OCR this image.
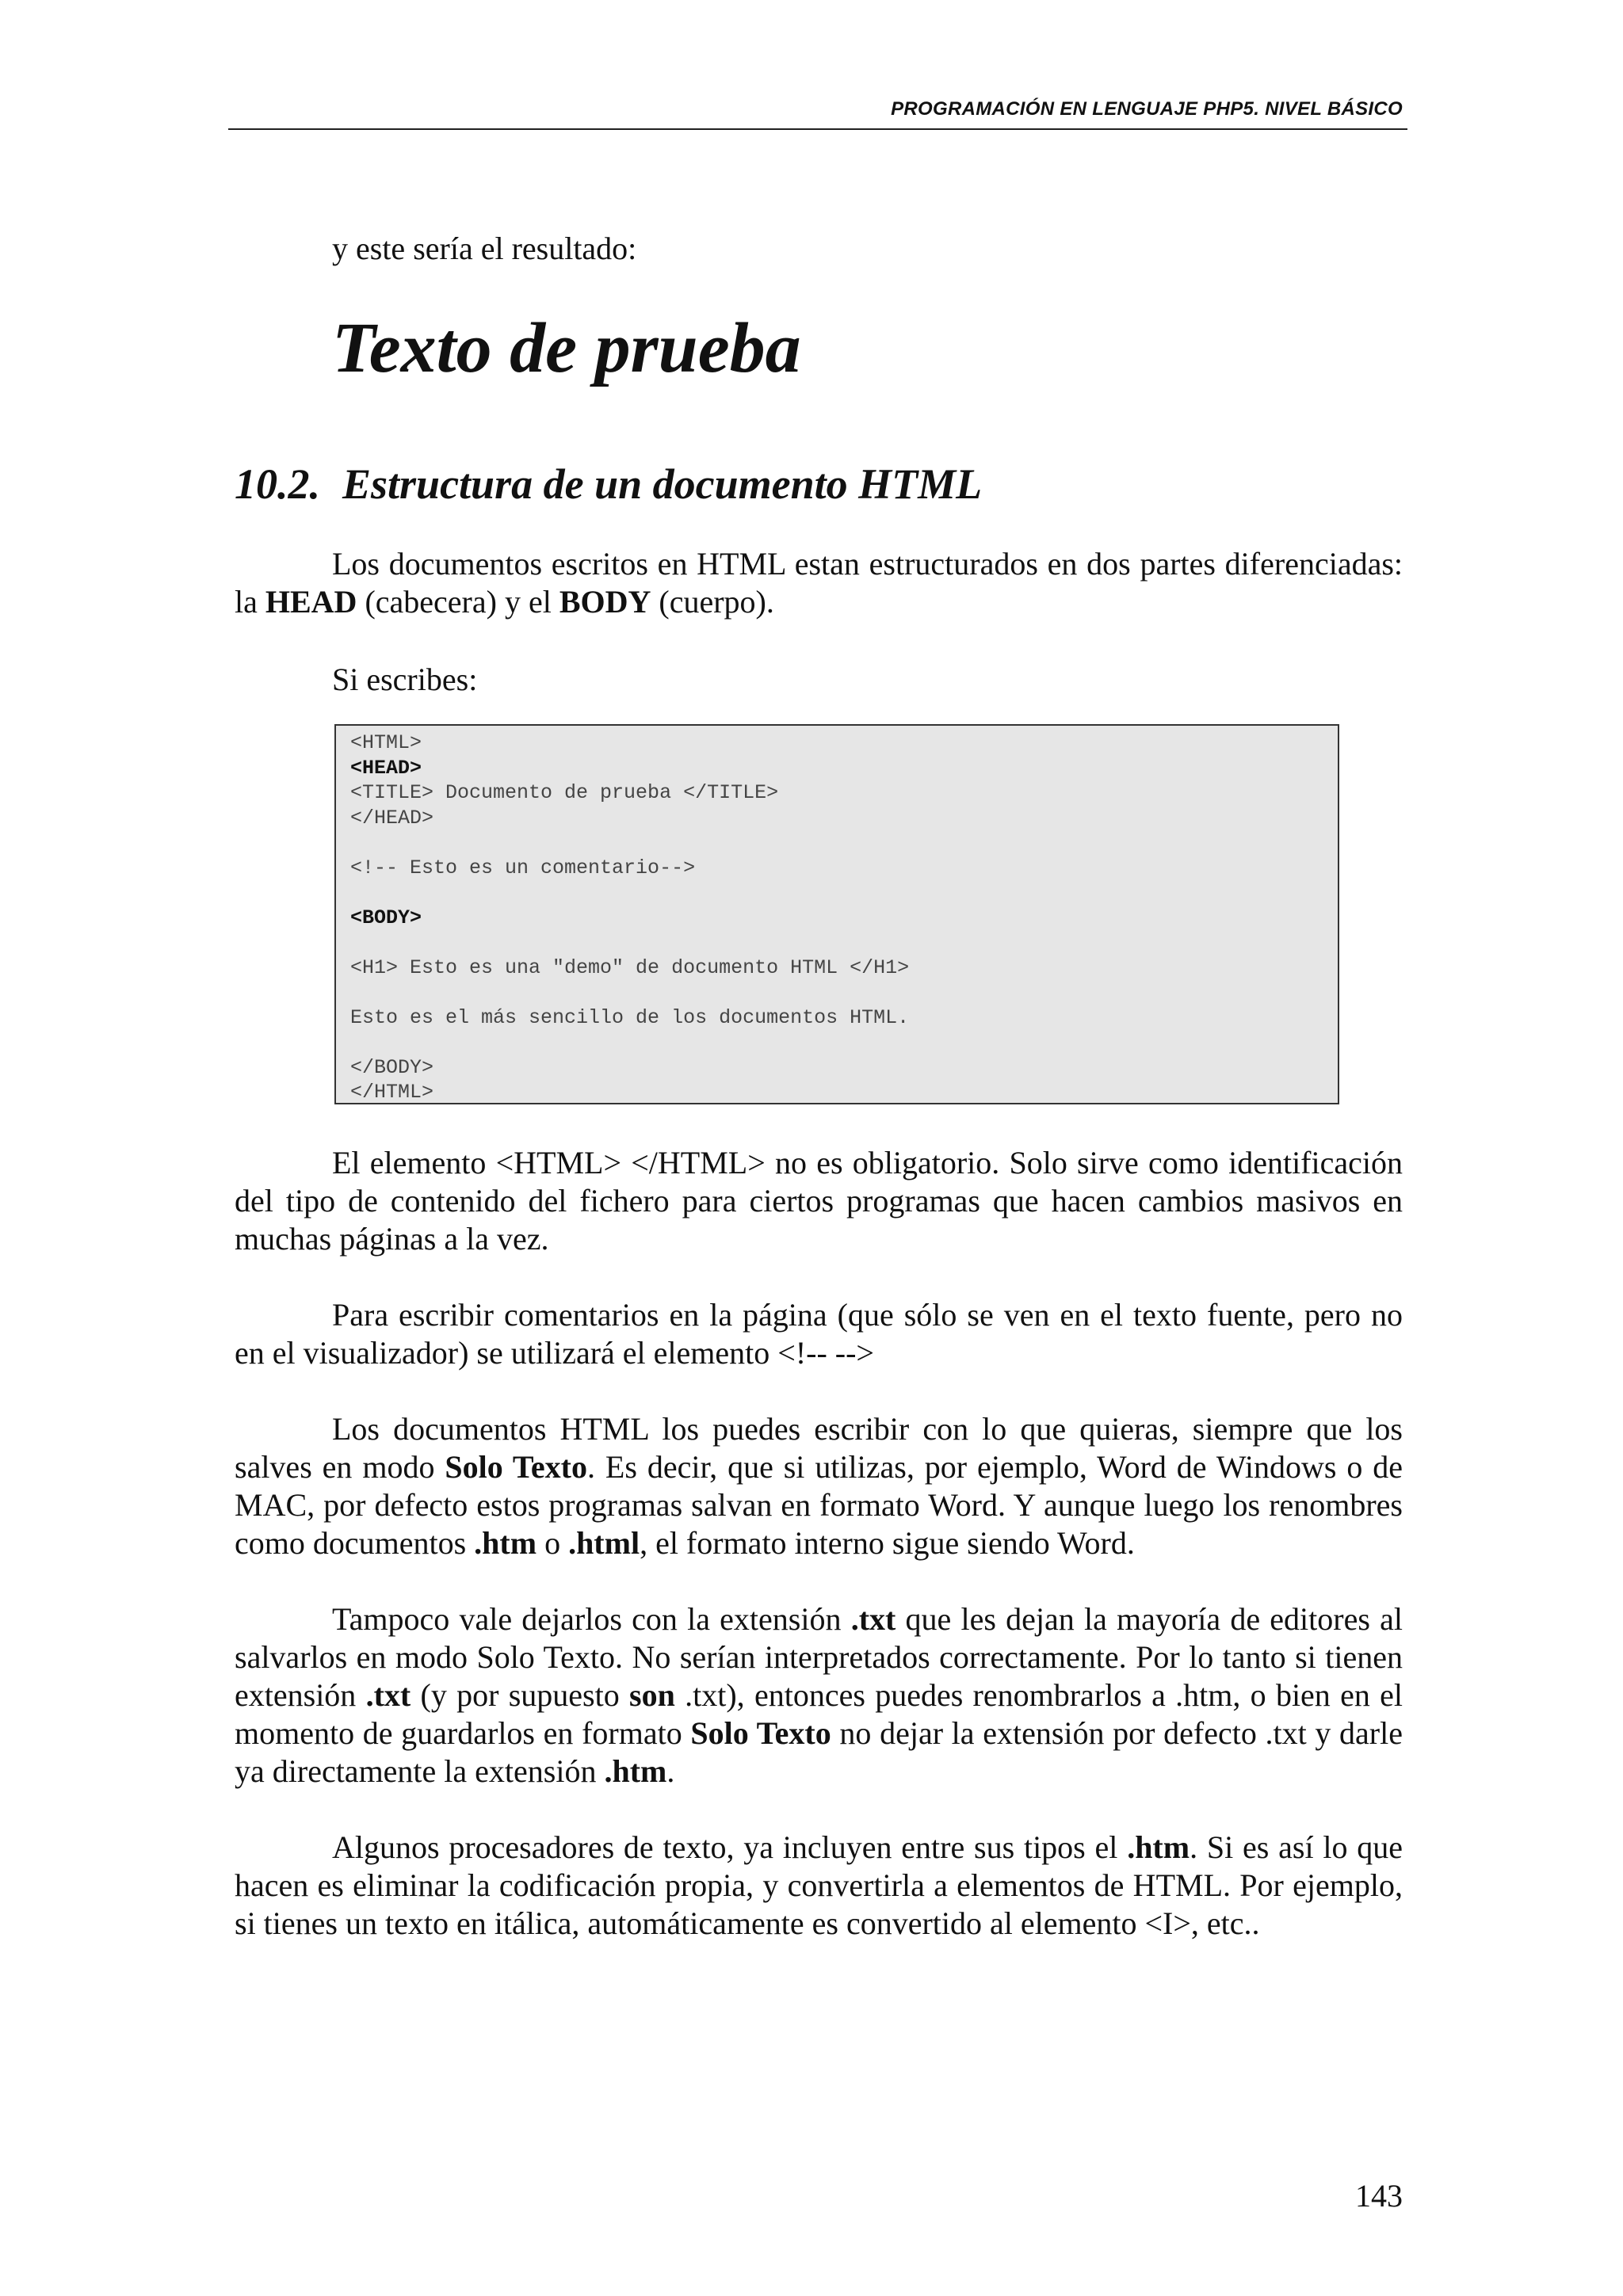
PROGRAMACIÓN EN LENGUAJE PHP5. NIVEL BÁSICO
y este sería el resultado:
Texto de prueba
10.2. Estructura de un documento HTML
Los documentos escritos en HTML estan estructurados en dos partes diferenciadas: la HEAD (cabecera) y el BODY (cuerpo).
Si escribes:
<HTML>
<HEAD>
<TITLE> Documento de prueba </TITLE>
</HEAD>
<!-- Esto es un comentario-->
<BODY>
<H1> Esto es una "demo" de documento HTML </H1>
Esto es el más sencillo de los documentos HTML.
</BODY>
</HTML>
El elemento <HTML> </HTML> no es obligatorio. Solo sirve como identificación del tipo de contenido del fichero para ciertos programas que hacen cambios masivos en muchas páginas a la vez.
Para escribir comentarios en la página (que sólo se ven en el texto fuente, pero no en el visualizador) se utilizará el elemento <!-- -->
Los documentos HTML los puedes escribir con lo que quieras, siempre que los salves en modo Solo Texto. Es decir, que si utilizas, por ejemplo, Word de Windows o de MAC, por defecto estos programas salvan en formato Word. Y aunque luego los renombres como documentos .htm o .html, el formato interno sigue siendo Word.
Tampoco vale dejarlos con la extensión .txt que les dejan la mayoría de editores al salvarlos en modo Solo Texto. No serían interpretados correctamente. Por lo tanto si tienen extensión .txt (y por supuesto son .txt), entonces puedes renombrarlos a .htm, o bien en el momento de guardarlos en formato Solo Texto no dejar la extensión por defecto .txt y darle ya directamente la extensión .htm.
Algunos procesadores de texto, ya incluyen entre sus tipos el .htm. Si es así lo que hacen es eliminar la codificación propia, y convertirla a elementos de HTML. Por ejemplo, si tienes un texto en itálica, automáticamente es convertido al elemento <I>, etc..
143
